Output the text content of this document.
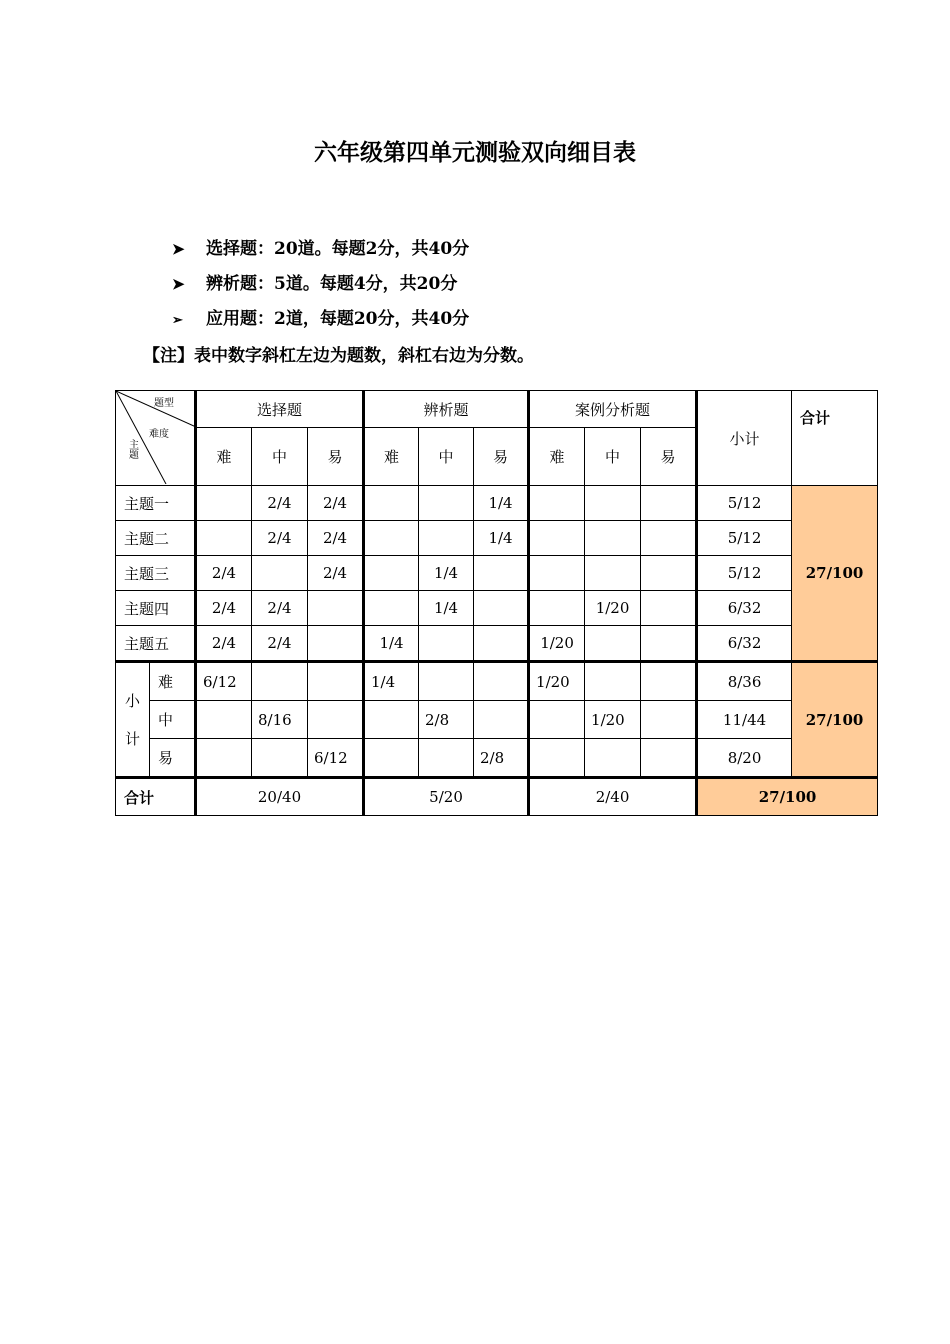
六年级第四单元测验双向细目表
➤ 选择题：20道。每题2分，共40分
➤ 辨析题：5道。每题4分，共20分
➢ 应用题：2道，每题20分，共40分
【注】表中数字斜杠左边为题数，斜杠右边为分数。
题型
难度
主题		选择题			辨析题			案例分析题			小计	合计
		难	中	易	难	中	易	难	中	易		
主题一			2/4	2/4			1/4				5/12	27/100
主题二			2/4	2/4			1/4				5/12	
主题三		2/4		2/4		1/4					5/12	
主题四		2/4	2/4			1/4			1/20		6/32	
主题五		2/4	2/4		1/4			1/20			6/32	
小
计	难	6/12			1/4			1/20			8/36	27/100
	中		8/16			2/8			1/20		11/44	
	易			6/12			2/8				8/20	
合计		20/40			5/20			2/40			27/100	
